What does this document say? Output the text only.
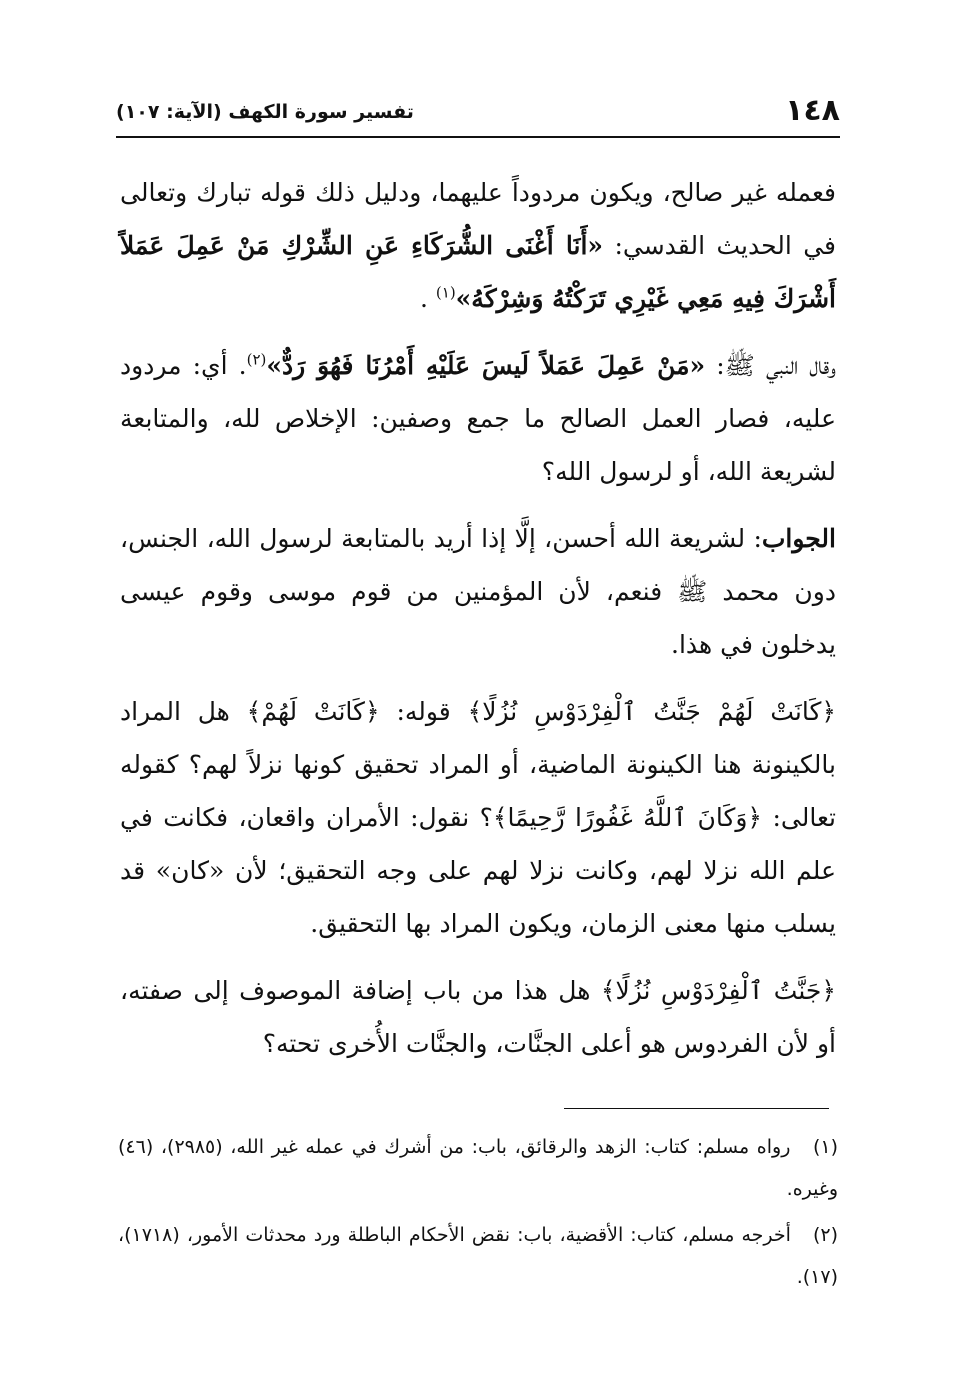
١٤٨
تفسير سورة الكهف (الآية: ١٠٧)

فعمله غير صالح، ويكون مردوداً عليهما، ودليل ذلك قوله تبارك وتعالى في الحديث القدسي: «أَنَا أَغْنَى الشُّرَكَاءِ عَنِ الشِّرْكِ مَنْ عَمِلَ عَمَلاً أَشْرَكَ فِيهِ مَعِي غَيْرِي تَرَكْتُهُ وَشِرْكَهُ»$^{(١)}$ .

وقال النبي ﷺ: «مَنْ عَمِلَ عَمَلاً لَيسَ عَلَيْهِ أَمْرُنَا فَهُوَ رَدٌّ»$^{(٢)}$. أي: مردود عليه، فصار العمل الصالح ما جمع وصفين: الإخلاص لله، والمتابعة لشريعة الله، أو لرسول الله؟

الجواب: لشريعة الله أحسن، إلَّا إذا أريد بالمتابعة لرسول الله، الجنس، دون محمد ﷺ فنعم، لأن المؤمنين من قوم موسى وقوم عيسى يدخلون في هذا.

﴿كَانَتْ لَهُمْ جَنَّتُ ٱلْفِرْدَوْسِ نُزُلًا﴾ قوله: ﴿كَانَتْ لَهُمْ﴾ هل المراد بالكينونة هنا الكينونة الماضية، أو المراد تحقيق كونها نزلاً لهم؟ كقوله تعالى: ﴿وَكَانَ ٱللَّهُ غَفُورًا رَّحِيمًا﴾؟ نقول: الأمران واقعان، فكانت في علم الله نزلا لهم، وكانت نزلا لهم على وجه التحقيق؛ لأن «كان» قد يسلب منها معنى الزمان، ويكون المراد بها التحقيق.

﴿جَنَّتُ ٱلْفِرْدَوْسِ نُزُلًا﴾ هل هذا من باب إضافة الموصوف إلى صفته، أو لأن الفردوس هو أعلى الجنَّات، والجنَّات الأُخرى تحته؟

(١) رواه مسلم: كتاب: الزهد والرقائق، باب: من أشرك في عمله غير الله، (٢٩٨٥)، (٤٦) وغيره.

(٢) أخرجه مسلم، كتاب: الأقضية، باب: نقض الأحكام الباطلة ورد محدثات الأمور، (١٧١٨)، (١٧).
